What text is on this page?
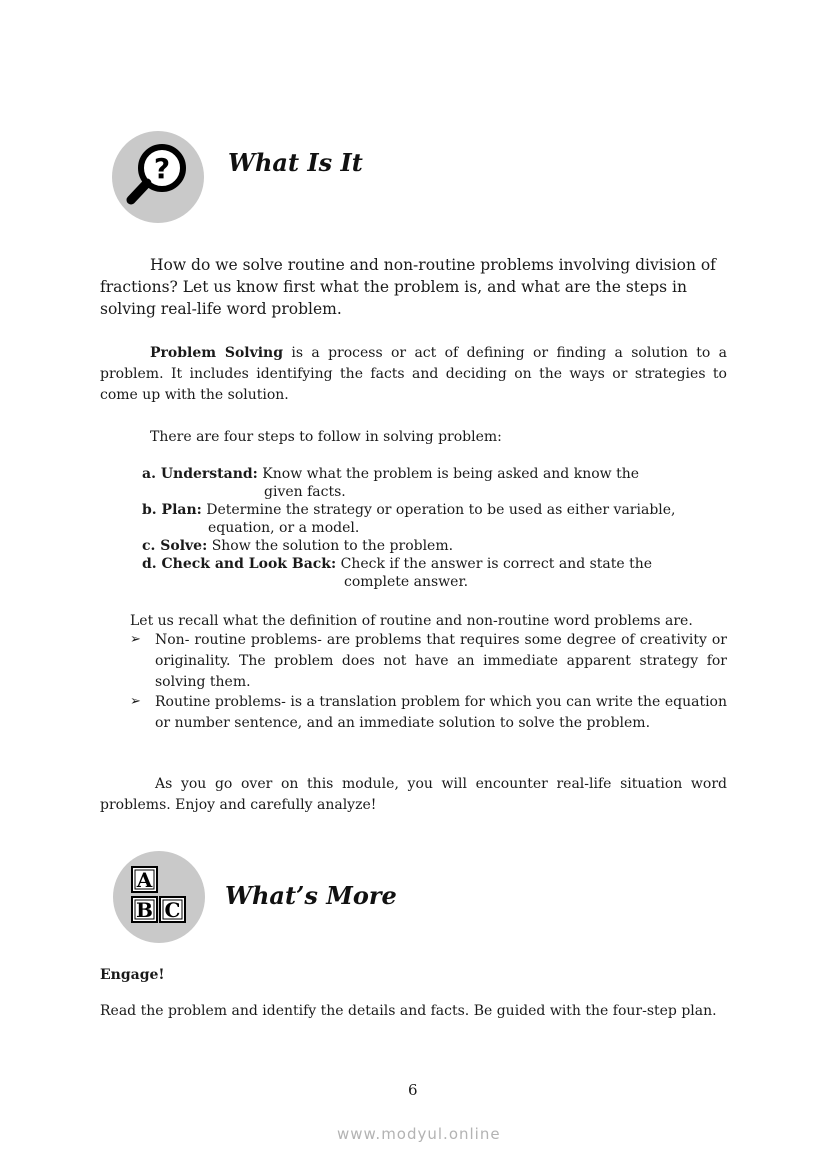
? What Is It

How do we solve routine and non-routine problems involving division of fractions? Let us know first what the problem is, and what are the steps in solving real-life word problem.

Problem Solving is a process or act of defining or finding a solution to a problem. It includes identifying the facts and deciding on the ways or strategies to come up with the solution.

There are four steps to follow in solving problem:
a. Understand: Know what the problem is being asked and know the
given facts.
b. Plan: Determine the strategy or operation to be used as either variable,
equation, or a model.
c. Solve: Show the solution to the problem.
d. Check and Look Back: Check if the answer is correct and state the
complete answer.
Let us recall what the definition of routine and non-routine word problems are.
➢ Non- routine problems- are problems that requires some degree of creativity or originality. The problem does not have an immediate apparent strategy for solving them.

➢ Routine problems- is a translation problem for which you can write the equation or number sentence, and an immediate solution to solve the problem.

As you go over on this module, you will encounter real-life situation word problems. Enjoy and carefully analyze!

A
B C What’s More
Engage!

Read the problem and identify the details and facts. Be guided with the four-step plan.

6
www.modyul.online
